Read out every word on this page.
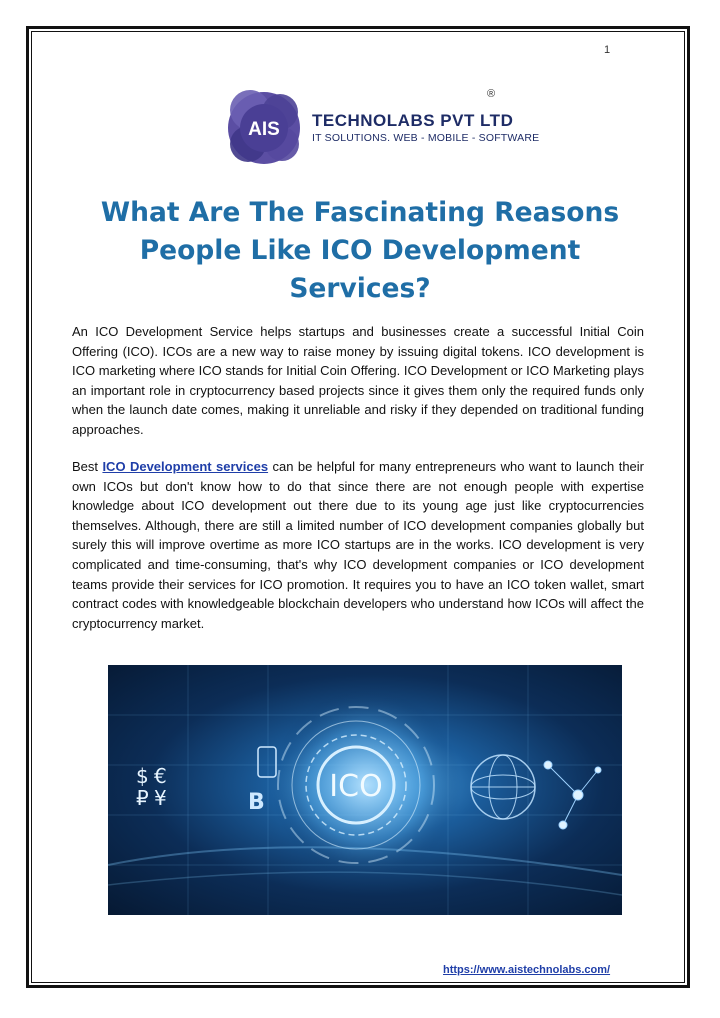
1
AIS TECHNOLABS PVT LTD
IT SOLUTIONS. WEB - MOBILE - SOFTWARE
®
What Are The Fascinating Reasons People Like ICO Development Services?

An ICO Development Service helps startups and businesses create a successful Initial Coin Offering (ICO). ICOs are a new way to raise money by issuing digital tokens. ICO development is ICO marketing where ICO stands for Initial Coin Offering. ICO Development or ICO Marketing plays an important role in cryptocurrency based projects since it gives them only the required funds only when the launch date comes, making it unreliable and risky if they depended on traditional funding approaches.

Best ICO Development services can be helpful for many entrepreneurs who want to launch their own ICOs but don't know how to do that since there are not enough people with expertise knowledge about ICO development out there due to its young age just like cryptocurrencies themselves. Although, there are still a limited number of ICO development companies globally but surely this will improve overtime as more ICO startups are in the works. ICO development is very complicated and time-consuming, that's why ICO development companies or ICO development teams provide their services for ICO promotion. It requires you to have an ICO token wallet, smart contract codes with knowledgeable blockchain developers who understand how ICOs will affect the cryptocurrency market.

ICO
$ €
₽ ¥	B
https://www.aistechnolabs.com/
